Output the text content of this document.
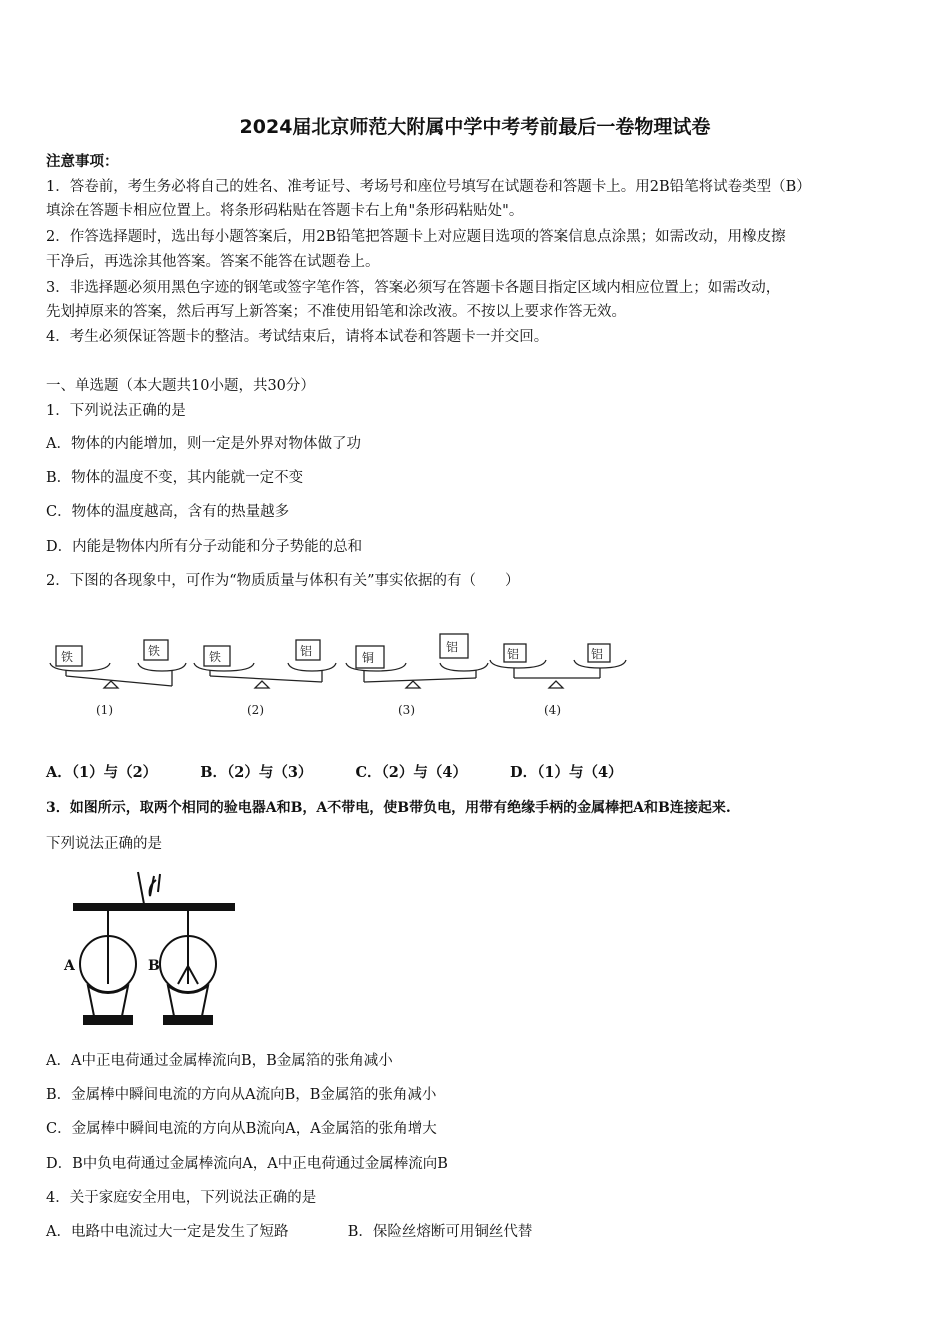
2024届北京师范大附属中学中考考前最后一卷物理试卷
注意事项：
1．答卷前，考生务必将自己的姓名、准考证号、考场号和座位号填写在试题卷和答题卡上。用2B铅笔将试卷类型（B）
填涂在答题卡相应位置上。将条形码粘贴在答题卡右上角"条形码粘贴处"。
2．作答选择题时，选出每小题答案后，用2B铅笔把答题卡上对应题目选项的答案信息点涂黑；如需改动，用橡皮擦
干净后，再选涂其他答案。答案不能答在试题卷上。
3．非选择题必须用黑色字迹的钢笔或签字笔作答，答案必须写在答题卡各题目指定区域内相应位置上；如需改动，
先划掉原来的答案，然后再写上新答案；不准使用铅笔和涂改液。不按以上要求作答无效。
4．考生必须保证答题卡的整洁。考试结束后，请将本试卷和答题卡一并交回。
一、单选题（本大题共10小题，共30分）
1．下列说法正确的是
A．物体的内能增加，则一定是外界对物体做了功
B．物体的温度不变，其内能就一定不变
C．物体的温度越高，含有的热量越多
D．内能是物体内所有分子动能和分子势能的总和
2．下图的各现象中，可作为“物质质量与体积有关”事实依据的有（　　）
铁	铁	铁	铝	铜
铝	铝	铝
(1)	(2)	(3)	(4)
A．（1）与（2）	B．（2）与（3）	C．（2）与（4）	D．（1）与（4）
3．如图所示，取两个相同的验电器A和B，A不带电，使B带负电，用带有绝缘手柄的金属棒把A和B连接起来.
下列说法正确的是
A	B
A．A中正电荷通过金属棒流向B，B金属箔的张角减小
B．金属棒中瞬间电流的方向从A流向B，B金属箔的张角减小
C．金属棒中瞬间电流的方向从B流向A，A金属箔的张角增大
D．B中负电荷通过金属棒流向A，A中正电荷通过金属棒流向B
4．关于家庭安全用电，下列说法正确的是
A．电路中电流过大一定是发生了短路	B．保险丝熔断可用铜丝代替
